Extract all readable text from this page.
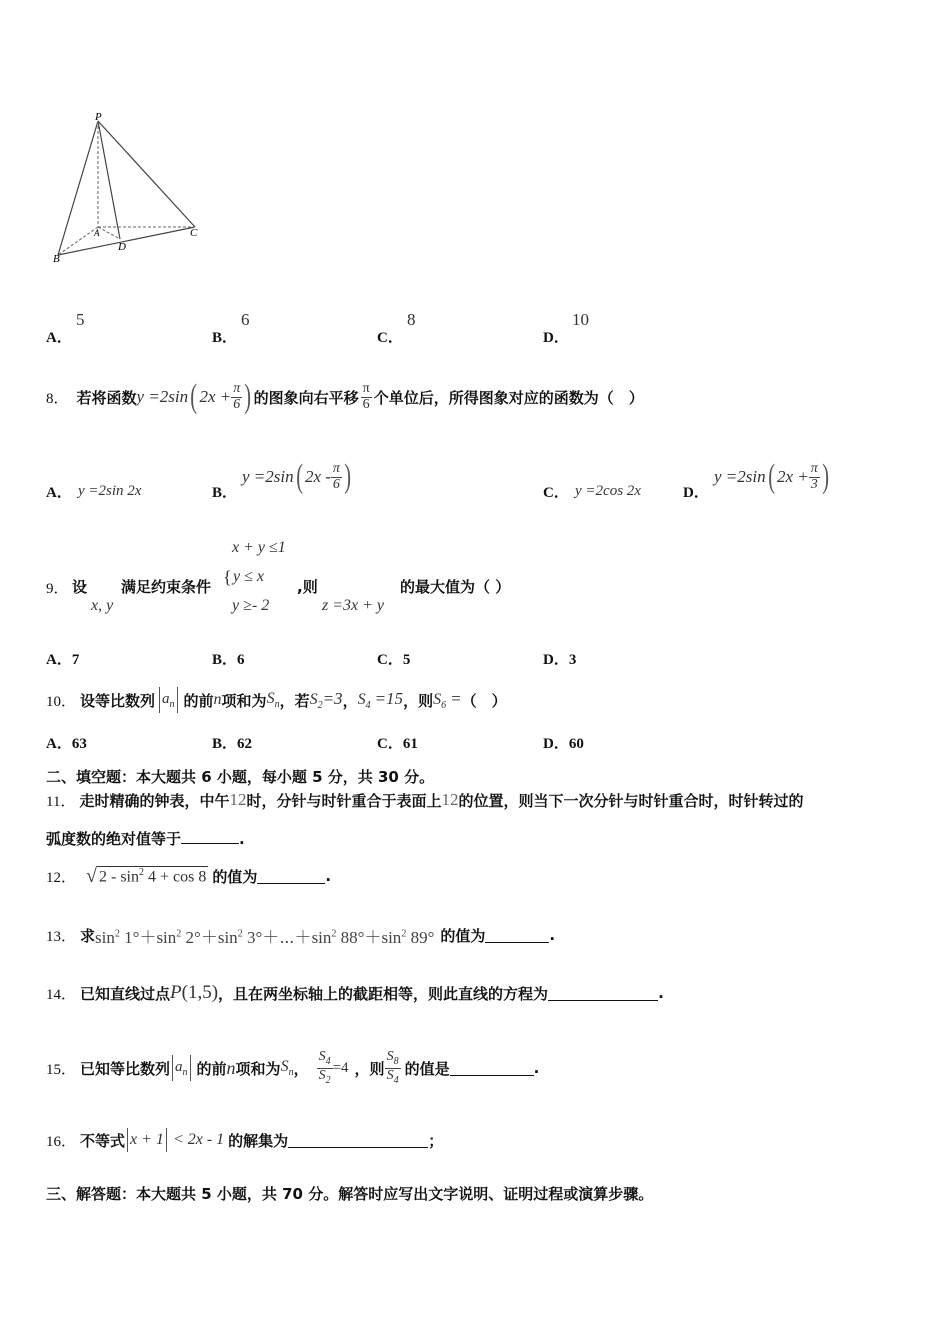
P
A
B
D
C
A．
5
B．
6
C．
8
D．
10
8． 若将函数 y =2sin ( $2x + \frac{\pi}{6}$ ) 的图象向右平移 $\frac{\pi}{6}$ 个单位后，所得图象对应的函数为（　）
A． y =2sin 2x	B．
y =2sin ( $2x - \frac{\pi}{6}$ )	C． y =2cos 2x	D．
y =2sin ( $2x + \frac{\pi}{3}$ )
9． 设
x, y
满足约束条件 {
x + y ≤1
y ≤ x
y ≥- 2
,则
z =3x + y
的最大值为（ ）
A．7	B．6	C．5	D．3
10． 设等比数列 $a_n$ 的前 n 项和为 $S_n$ ，若 $S_2=3$ ， $S_4 =15$ ，则 $S_6$ = （　）
A．63	B．62	C．61	D．60
二、填空题：本大题共 6 小题，每小题 5 分，共 30 分。
11． 走时精确的钟表，中午 12 时，分针与时针重合于表面上 12 的位置，则当下一次分针与时针重合时，时针转过的
弧度数的绝对值等于	.
12． √ $2 - \sin^2 4 + \cos 8$ 的值为	.
13． 求 $\sin^2 1^\circ+\sin^2$ $2^\circ+\sin^2$ $3^\circ+\cdots+\sin^2$ $88^\circ+\sin^2$ 89° 的值为	.
14． 已知直线过点 P (1,5) ，且在两坐标轴上的截距相等，则此直线的方程为	.
15． 已知等比数列 $a_n$ 的前 n 项和为 $S_n$ ， $\frac{S_4}{S_2} =4$ ，则 $\frac{S_8}{S_4}$ 的值是	.
16． 不等式 x + 1 < 2x - 1 的解集为	；
三、解答题：本大题共 5 小题，共 70 分。解答时应写出文字说明、证明过程或演算步骤。
